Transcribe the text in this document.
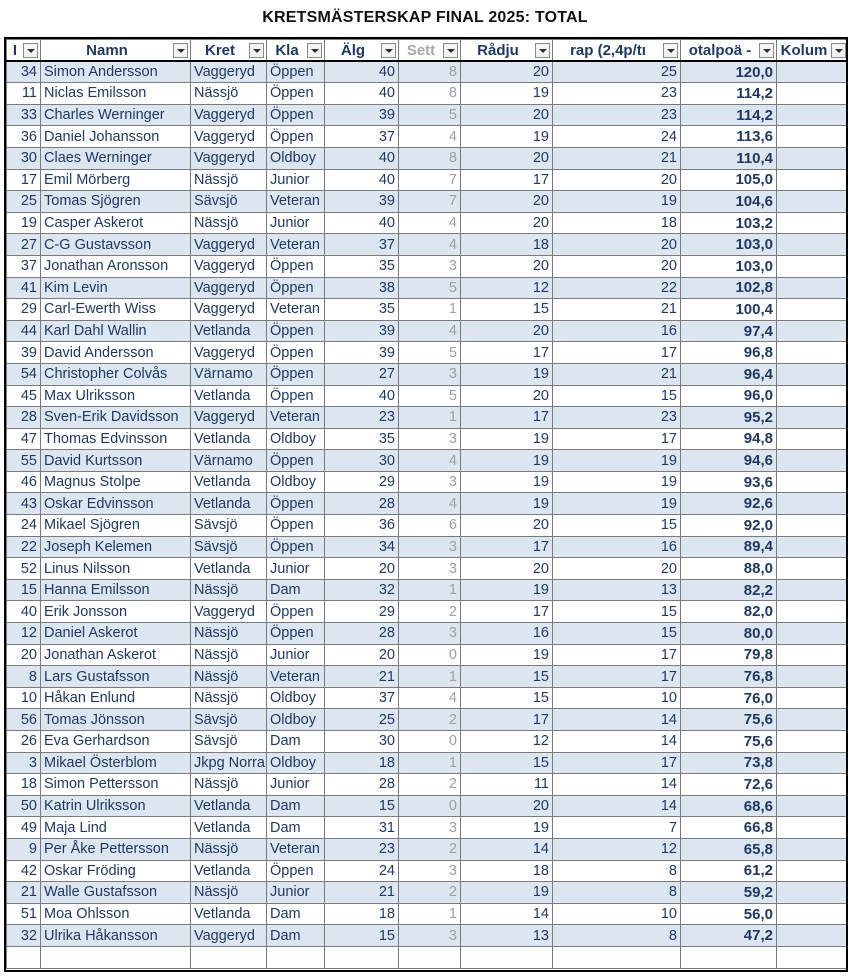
KRETSMÄSTERSKAP FINAL 2025: TOTAL
I	Namn	Kret	Kla	Älg	Sett	Rådju	rap (2,4p/tı	otalpoä -	Kolum

34	Simon Andersson	Vaggeryd	Öppen	40	8	20	25	120,0	
11	Niclas Emilsson	Nässjö	Öppen	40	8	19	23	114,2	
33	Charles Werninger	Vaggeryd	Öppen	39	5	20	23	114,2	
36	Daniel Johansson	Vaggeryd	Öppen	37	4	19	24	113,6	
30	Claes Werninger	Vaggeryd	Oldboy	40	8	20	21	110,4	
17	Emil Mörberg	Nässjö	Junior	40	7	17	20	105,0	
25	Tomas Sjögren	Sävsjö	Veteran	39	7	20	19	104,6	
19	Casper Askerot	Nässjö	Junior	40	4	20	18	103,2	
27	C-G Gustavsson	Vaggeryd	Veteran	37	4	18	20	103,0	
37	Jonathan Aronsson	Vaggeryd	Öppen	35	3	20	20	103,0	
41	Kim Levin	Vaggeryd	Öppen	38	5	12	22	102,8	
29	Carl-Ewerth Wiss	Vaggeryd	Veteran	35	1	15	21	100,4	
44	Karl Dahl Wallin	Vetlanda	Öppen	39	4	20	16	97,4	
39	David Andersson	Vaggeryd	Öppen	39	5	17	17	96,8	
54	Christopher Colvås	Värnamo	Öppen	27	3	19	21	96,4	
45	Max Ulriksson	Vetlanda	Öppen	40	5	20	15	96,0	
28	Sven-Erik Davidsson	Vaggeryd	Veteran	23	1	17	23	95,2	
47	Thomas Edvinsson	Vetlanda	Oldboy	35	3	19	17	94,8	
55	David Kurtsson	Värnamo	Öppen	30	4	19	19	94,6	
46	Magnus Stolpe	Vetlanda	Oldboy	29	3	19	19	93,6	
43	Oskar Edvinsson	Vetlanda	Öppen	28	4	19	19	92,6	
24	Mikael Sjögren	Sävsjö	Öppen	36	6	20	15	92,0	
22	Joseph Kelemen	Sävsjö	Öppen	34	3	17	16	89,4	
52	Linus Nilsson	Vetlanda	Junior	20	3	20	20	88,0	
15	Hanna Emilsson	Nässjö	Dam	32	1	19	13	82,2	
40	Erik Jonsson	Vaggeryd	Öppen	29	2	17	15	82,0	
12	Daniel Askerot	Nässjö	Öppen	28	3	16	15	80,0	
20	Jonathan Askerot	Nässjö	Junior	20	0	19	17	79,8	
8	Lars Gustafsson	Nässjö	Veteran	21	1	15	17	76,8	
10	Håkan Enlund	Nässjö	Oldboy	37	4	15	10	76,0	
56	Tomas Jönsson	Sävsjö	Oldboy	25	2	17	14	75,6	
26	Eva Gerhardson	Sävsjö	Dam	30	0	12	14	75,6	
3	Mikael Österblom	Jkpg Norra	Oldboy	18	1	15	17	73,8	
18	Simon Pettersson	Nässjö	Junior	28	2	11	14	72,6	
50	Katrin Ulriksson	Vetlanda	Dam	15	0	20	14	68,6	
49	Maja Lind	Vetlanda	Dam	31	3	19	7	66,8	
9	Per Åke Pettersson	Nässjö	Veteran	23	2	14	12	65,8	
42	Oskar Fröding	Vetlanda	Öppen	24	3	18	8	61,2	
21	Walle Gustafsson	Nässjö	Junior	21	2	19	8	59,2	
51	Moa Ohlsson	Vetlanda	Dam	18	1	14	10	56,0	
32	Ulrika Håkansson	Vaggeryd	Dam	15	3	13	8	47,2	
